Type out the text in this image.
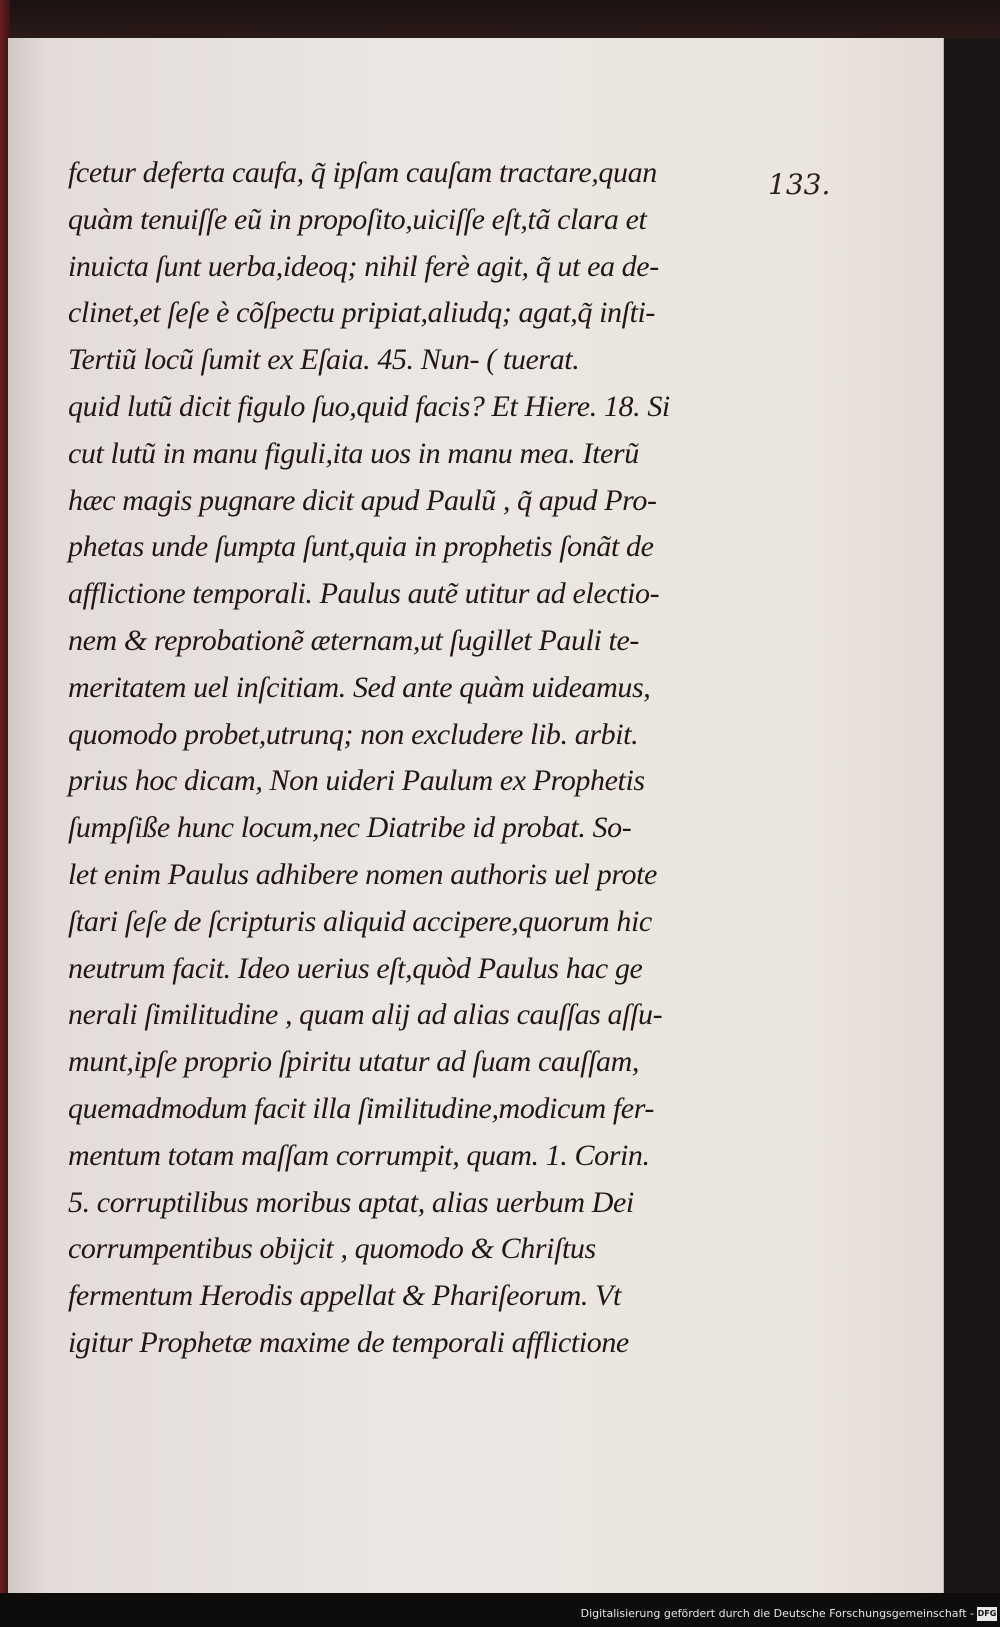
133.

fcetur deferta caufa, q̃ ipſam cauſam tractare,quan
quàm tenuiſſe eũ in propoſito,uiciſſe eſt,tã clara et
inuicta ſunt uerba,ideoq; nihil ferè agit, q̃ ut ea de-
clinet,et ſeſe è cõſpectu pripiat,aliudq; agat,q̃ inſti-
Tertiũ locũ ſumit ex Eſaia. 45. Nun- ( tuerat.
quid lutũ dicit figulo ſuo,quid facis? Et Hiere. 18. Si
cut lutũ in manu figuli,ita uos in manu mea. Iterũ
hæc magis pugnare dicit apud Paulũ , q̃ apud Pro-
phetas unde ſumpta ſunt,quia in prophetis ſonãt de
afflictione temporali. Paulus autẽ utitur ad electio-
nem & reprobationẽ æternam,ut ſugillet Pauli te-
meritatem uel inſcitiam. Sed ante quàm uideamus,
quomodo probet,utrunq; non excludere lib. arbit.
prius hoc dicam, Non uideri Paulum ex Prophetis
ſumpſiße hunc locum,nec Diatribe id probat. So-
let enim Paulus adhibere nomen authoris uel prote
ſtari ſeſe de ſcripturis aliquid accipere,quorum hic
neutrum facit. Ideo uerius eſt,quòd Paulus hac ge
nerali ſimilitudine , quam alij ad alias cauſſas aſſu-
munt,ipſe proprio ſpiritu utatur ad ſuam cauſſam,
quemadmodum facit illa ſimilitudine,modicum fer-
mentum totam maſſam corrumpit, quam. 1. Corin.
5. corruptilibus moribus aptat, alias uerbum Dei
corrumpentibus obijcit , quomodo & Chriſtus
fermentum Herodis appellat & Phariſeorum. Vt
igitur Prophetæ maxime de temporali afflictione

Digitalisierung gefördert durch die Deutsche Forschungsgemeinschaft - DFG
